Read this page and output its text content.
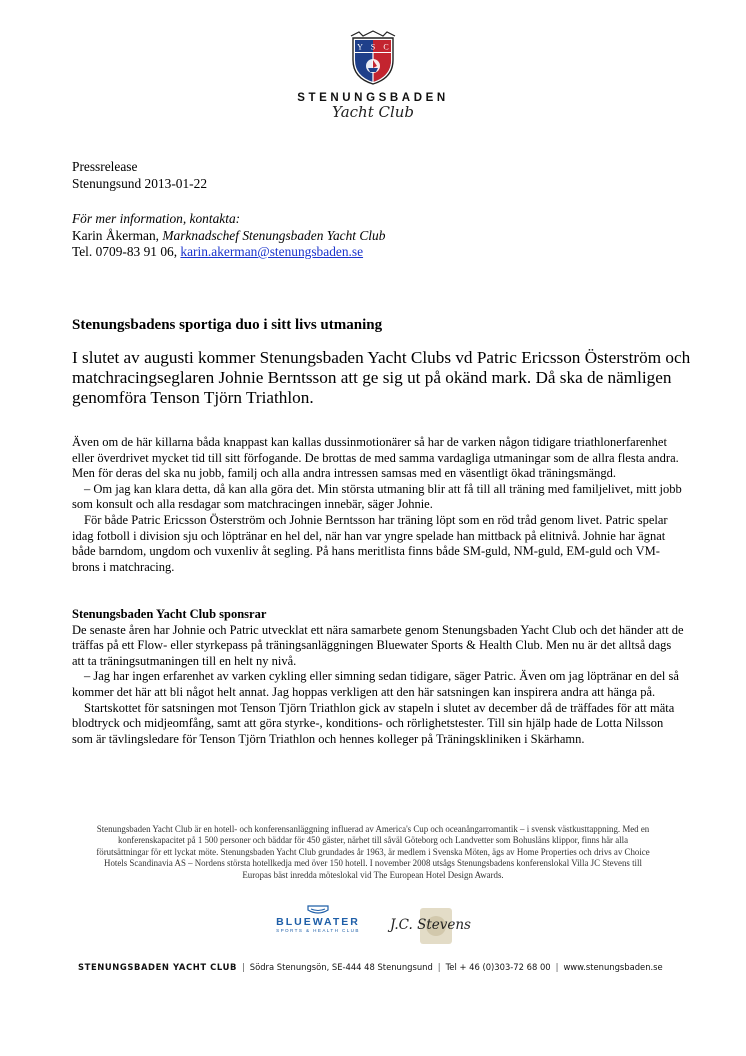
Y S C
STENUNGSBADEN
Yacht Club

Pressrelease

Stenungsund 2013-01-22

För mer information, kontakta:

Karin Åkerman, Marknadschef Stenungsbaden Yacht Club

Tel. 0709-83 91 06, karin.akerman@stenungsbaden.se

Stenungsbadens sportiga duo i sitt livs utmaning

I slutet av augusti kommer Stenungsbaden Yacht Clubs vd Patric Ericsson Österström och matchracingseglaren Johnie Berntsson att ge sig ut på okänd mark. Då ska de nämligen genomföra Tenson Tjörn Triathlon.

Även om de här killarna båda knappast kan kallas dussinmotionärer så har de varken någon tidigare triathlonerfarenhet eller överdrivet mycket tid till sitt förfogande. De brottas de med samma vardagliga utmaningar som de allra flesta andra. Men för deras del ska nu jobb, familj och alla andra intressen samsas med en väsentligt ökad träningsmängd.

– Om jag kan klara detta, då kan alla göra det. Min största utmaning blir att få till all träning med familjelivet, mitt jobb som konsult och alla resdagar som matchracingen innebär, säger Johnie.

För både Patric Ericsson Österström och Johnie Berntsson har träning löpt som en röd tråd genom livet. Patric spelar idag fotboll i division sju och löptränar en hel del, när han var yngre spelade han mittback på elitnivå. Johnie har ägnat både barndom, ungdom och vuxenliv åt segling. På hans meritlista finns både SM-guld, NM-guld, EM-guld och VM-brons i matchracing.

Stenungsbaden Yacht Club sponsrar

De senaste åren har Johnie och Patric utvecklat ett nära samarbete genom Stenungsbaden Yacht Club och det händer att de träffas på ett Flow- eller styrkepass på träningsanläggningen Bluewater Sports & Health Club. Men nu är det alltså dags att ta träningsutmaningen till en helt ny nivå.

– Jag har ingen erfarenhet av varken cykling eller simning sedan tidigare, säger Patric. Även om jag löptränar en del så kommer det här att bli något helt annat. Jag hoppas verkligen att den här satsningen kan inspirera andra att hänga på.

Startskottet för satsningen mot Tenson Tjörn Triathlon gick av stapeln i slutet av december då de träffades för att mäta blodtryck och midjeomfång, samt att göra styrke-, konditions- och rörlighetstester. Till sin hjälp hade de Lotta Nilsson som är tävlingsledare för Tenson Tjörn Triathlon och hennes kolleger på Träningskliniken i Skärhamn.

Stenungsbaden Yacht Club är en hotell- och konferensanläggning influerad av America's Cup och oceanångarromantik – i svensk västkusttappning. Med en konferenskapacitet på 1 500 personer och bäddar för 450 gäster, närhet till såväl Göteborg och Landvetter som Bohusläns klippor, finns här alla förutsättningar för ett lyckat möte. Stenungsbaden Yacht Club grundades år 1963, är medlem i Svenska Möten, ägs av Home Properties och drivs av Choice Hotels Scandinavia AS – Nordens största hotellkedja med över 150 hotell. I november 2008 utsågs Stenungsbadens konferenslokal Villa JC Stevens till Europas bäst inredda möteslokal vid The European Hotel Design Awards.
BLUEWATER
SPORTS & HEALTH CLUB	J.C. Stevens
STENUNGSBADEN YACHT CLUB | Södra Stenungsön, SE-444 48 Stenungsund | Tel + 46 (0)303-72 68 00 | www.stenungsbaden.se
